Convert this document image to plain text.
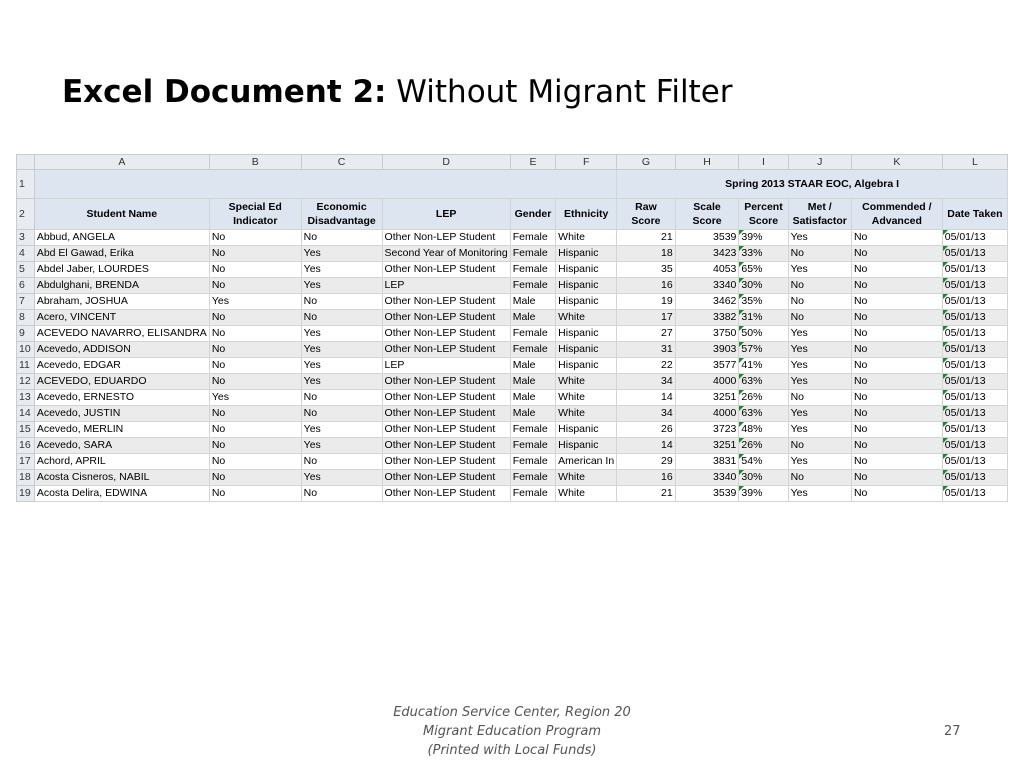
Excel Document 2: Without Migrant Filter
	A	B	C	D	E	F	G	H	I	J	K	L
1							Spring 2013 STAAR EOC, Algebra I					
2	Student Name	Special Ed Indicator	Economic Disadvantage	LEP	Gender	Ethnicity	Raw Score	Scale Score	Percent Score	Met / Satisfactor	Commended / Advanced	Date Taken
3	Abbud, ANGELA	No	No	Other Non-LEP Student	Female	White	21	3539	39%	Yes	No	05/01/13
4	Abd El Gawad, Erika	No	Yes	Second Year of Monitoring	Female	Hispanic	18	3423	33%	No	No	05/01/13
5	Abdel Jaber, LOURDES	No	Yes	Other Non-LEP Student	Female	Hispanic	35	4053	65%	Yes	No	05/01/13
6	Abdulghani, BRENDA	No	Yes	LEP	Female	Hispanic	16	3340	30%	No	No	05/01/13
7	Abraham, JOSHUA	Yes	No	Other Non-LEP Student	Male	Hispanic	19	3462	35%	No	No	05/01/13
8	Acero, VINCENT	No	No	Other Non-LEP Student	Male	White	17	3382	31%	No	No	05/01/13
9	ACEVEDO NAVARRO, ELISANDRA	No	Yes	Other Non-LEP Student	Female	Hispanic	27	3750	50%	Yes	No	05/01/13
10	Acevedo, ADDISON	No	Yes	Other Non-LEP Student	Female	Hispanic	31	3903	57%	Yes	No	05/01/13
11	Acevedo, EDGAR	No	Yes	LEP	Male	Hispanic	22	3577	41%	Yes	No	05/01/13
12	ACEVEDO, EDUARDO	No	Yes	Other Non-LEP Student	Male	White	34	4000	63%	Yes	No	05/01/13
13	Acevedo, ERNESTO	Yes	No	Other Non-LEP Student	Male	White	14	3251	26%	No	No	05/01/13
14	Acevedo, JUSTIN	No	No	Other Non-LEP Student	Male	White	34	4000	63%	Yes	No	05/01/13
15	Acevedo, MERLIN	No	Yes	Other Non-LEP Student	Female	Hispanic	26	3723	48%	Yes	No	05/01/13
16	Acevedo, SARA	No	Yes	Other Non-LEP Student	Female	Hispanic	14	3251	26%	No	No	05/01/13
17	Achord, APRIL	No	No	Other Non-LEP Student	Female	American In	29	3831	54%	Yes	No	05/01/13
18	Acosta Cisneros, NABIL	No	Yes	Other Non-LEP Student	Female	White	16	3340	30%	No	No	05/01/13
19	Acosta Delira, EDWINA	No	No	Other Non-LEP Student	Female	White	21	3539	39%	Yes	No	05/01/13
Education Service Center, Region 20
Migrant Education Program
(Printed with Local Funds)
27
